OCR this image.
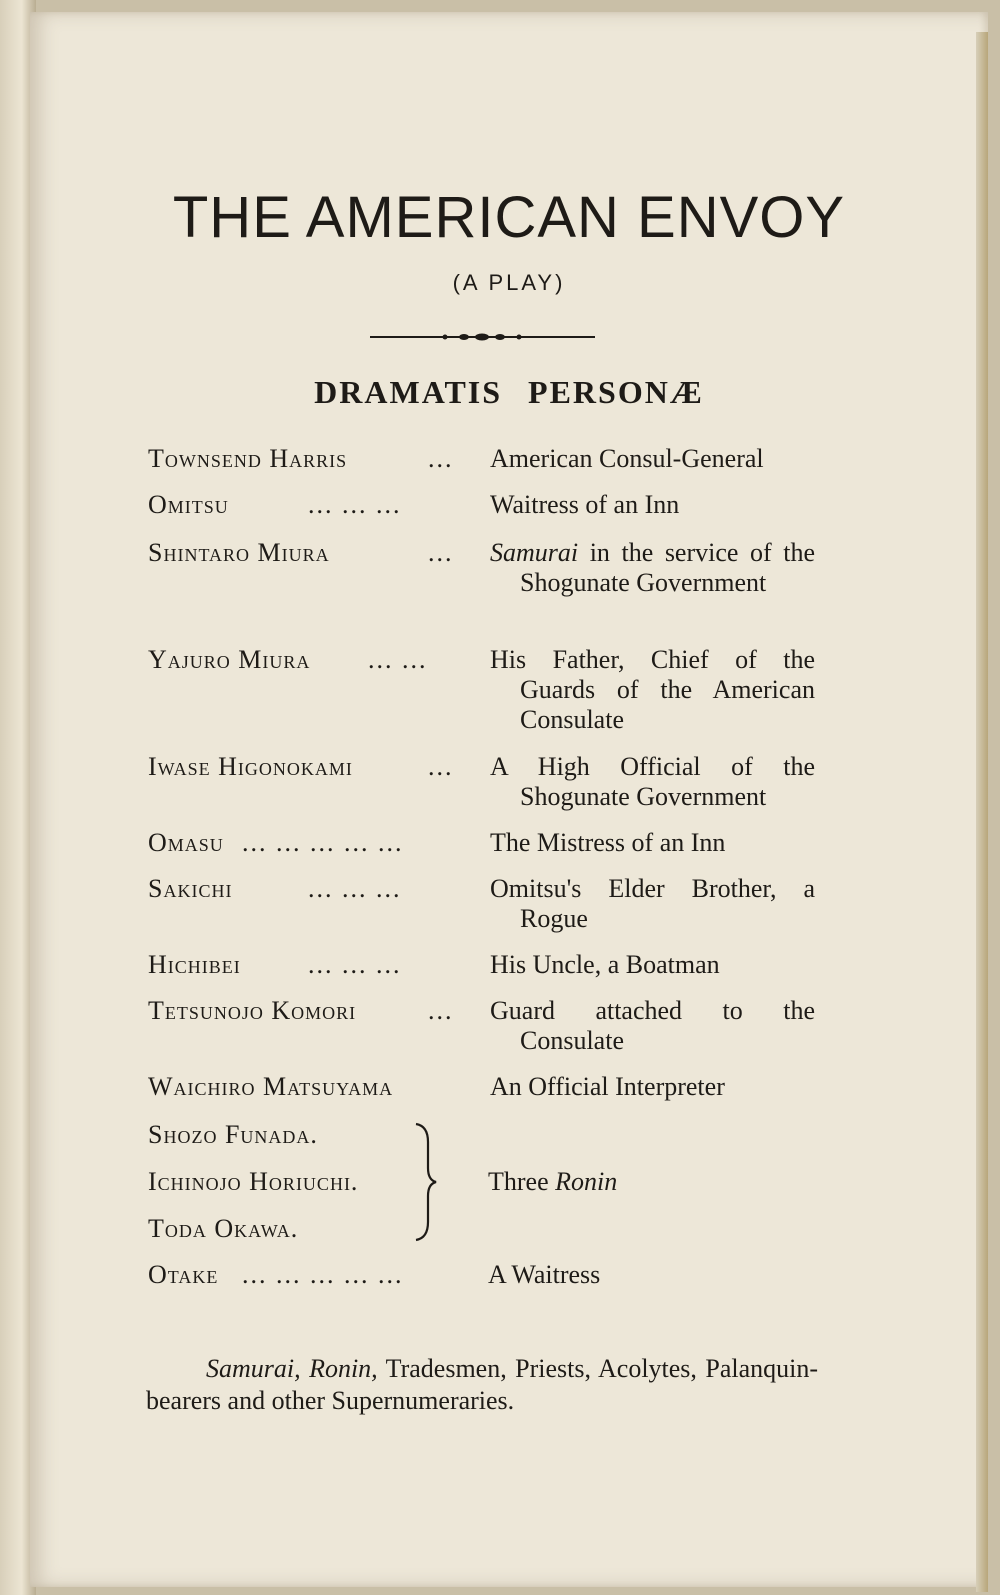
THE AMERICAN ENVOY
(A PLAY)
DRAMATIS PERSONÆ
Townsend Harris	... American Consul-General
Omitsu	... ... ...	Waitress of an Inn
Shintaro Miura	... Samurai in the service of the Shogunate Government
Yajuro Miura ... ... His Father, Chief of the Guards of the American Consulate
Iwase Higonokami	... A High Official of the Shogunate Government
Omasu ... ... ... ... ...	The Mistress of an Inn
Sakichi	... ... ...	Omitsu's Elder Brother, a Rogue
Hichibei	... ... ...	His Uncle, a Boatman
Tetsunojo Komori	... Guard attached to the Consulate
Waichiro Matsuyama	An Official Interpreter
Shozo Funada.
Ichinojo Horiuchi.
Toda Okawa.
Three Ronin
Otake ... ... ... ... ...	A Waitress

Samurai, Ronin, Tradesmen, Priests, Acolytes, Palanquin-bearers and other Supernumeraries.
